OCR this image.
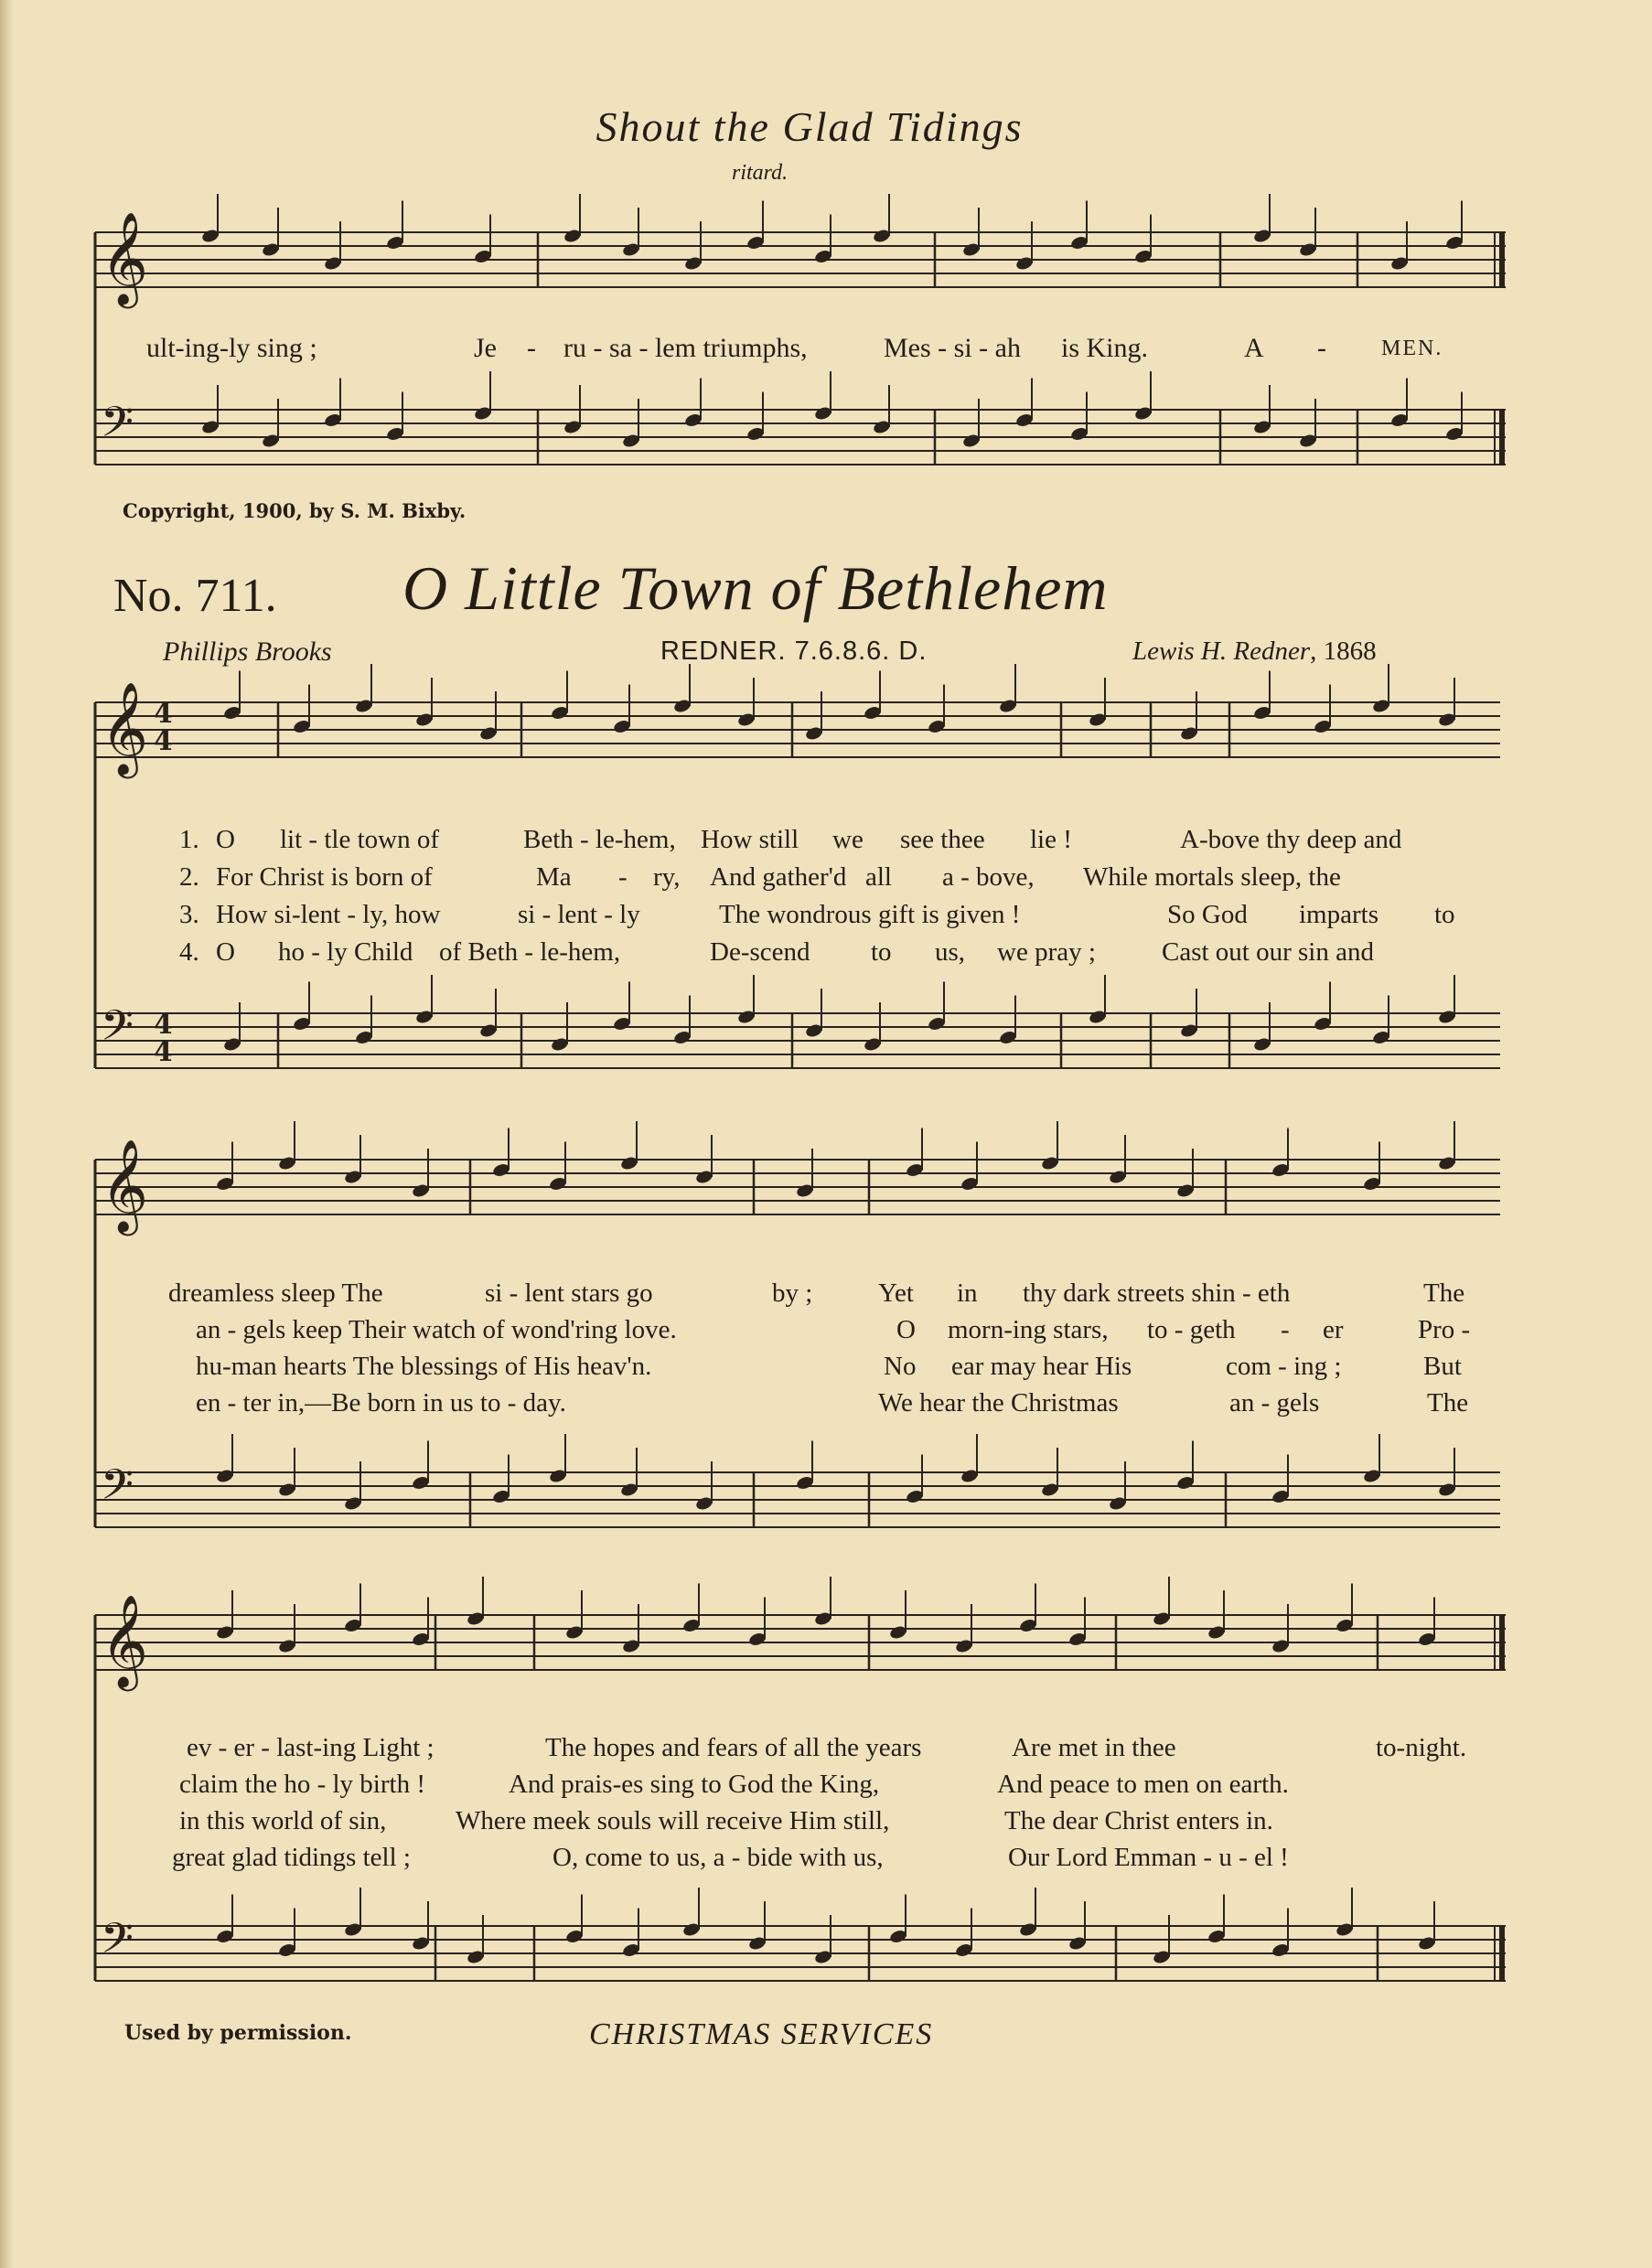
𝄞
𝄢
4
4
4
4
𝄞
𝄢
𝄞
𝄢
𝄞
𝄢
Shout the Glad Tidings
ritard.
ult-ing-ly sing ;	Je - ru - sa - lem triumphs,	Mes - si - ah is King.	A -	MEN.
Copyright, 1900, by S. M. Bixby.
No. 711. O Little Town of Bethlehem
Phillips Brooks	REDNER. 7.6.8.6. D.	Lewis H. Redner, 1868
1. O lit - tle town of	Beth - le-hem, How still we see thee lie !	A-bove thy deep and
2. For Christ is born of	Ma - ry, And gather'd all a - bove, While mortals sleep, the
3. How si-lent - ly, how	si - lent - ly	The wondrous gift is given !	So God imparts to
4. O ho - ly Child of Beth - le-hem,	De-scend to us, we pray ; Cast out our sin and
dreamless sleep The	si - lent stars go	by ; Yet in thy dark streets shin - eth	The
an - gels keep Their watch of wond'ring love.	O morn-ing stars, to - geth - er	Pro -
hu-man hearts The blessings of His heav'n.	No ear may hear His	com - ing ;	But
en - ter in,—Be born in us to - day.	We hear the Christmas	an - gels	The
ev - er - last-ing Light ;	The hopes and fears of all the years	Are met in thee	to-night.
claim the ho - ly birth !	And prais-es sing to God the King,	And peace to men on earth.
in this world of sin,	Where meek souls will receive Him still,	The dear Christ enters in.
great glad tidings tell ;	O, come to us, a - bide with us,	Our Lord Emman - u - el !
Used by permission.	CHRISTMAS SERVICES
